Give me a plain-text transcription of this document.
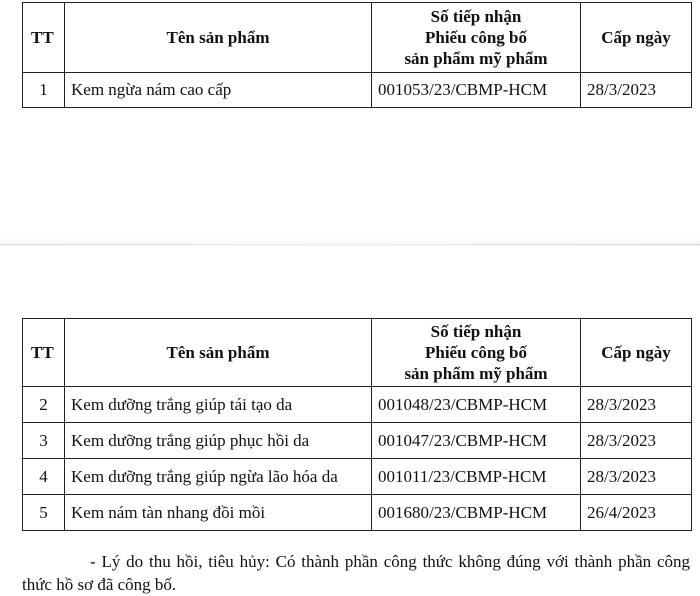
TT	Tên sản phẩm	Số tiếp nhận
Phiếu công bố
sản phẩm mỹ phẩm	Cấp ngày
1	Kem ngừa nám cao cấp	001053/23/CBMP-HCM	28/3/2023
TT	Tên sản phẩm	Số tiếp nhận
Phiếu công bố
sản phẩm mỹ phẩm	Cấp ngày
2	Kem dưỡng trắng giúp tái tạo da	001048/23/CBMP-HCM	28/3/2023
3	Kem dưỡng trắng giúp phục hồi da	001047/23/CBMP-HCM	28/3/2023
4	Kem dưỡng trắng giúp ngừa lão hóa da	001011/23/CBMP-HCM	28/3/2023
5	Kem nám tàn nhang đồi mồi	001680/23/CBMP-HCM	26/4/2023

- Lý do thu hồi, tiêu hủy: Có thành phần công thức không đúng với thành phần công thức hồ sơ đã công bố.
